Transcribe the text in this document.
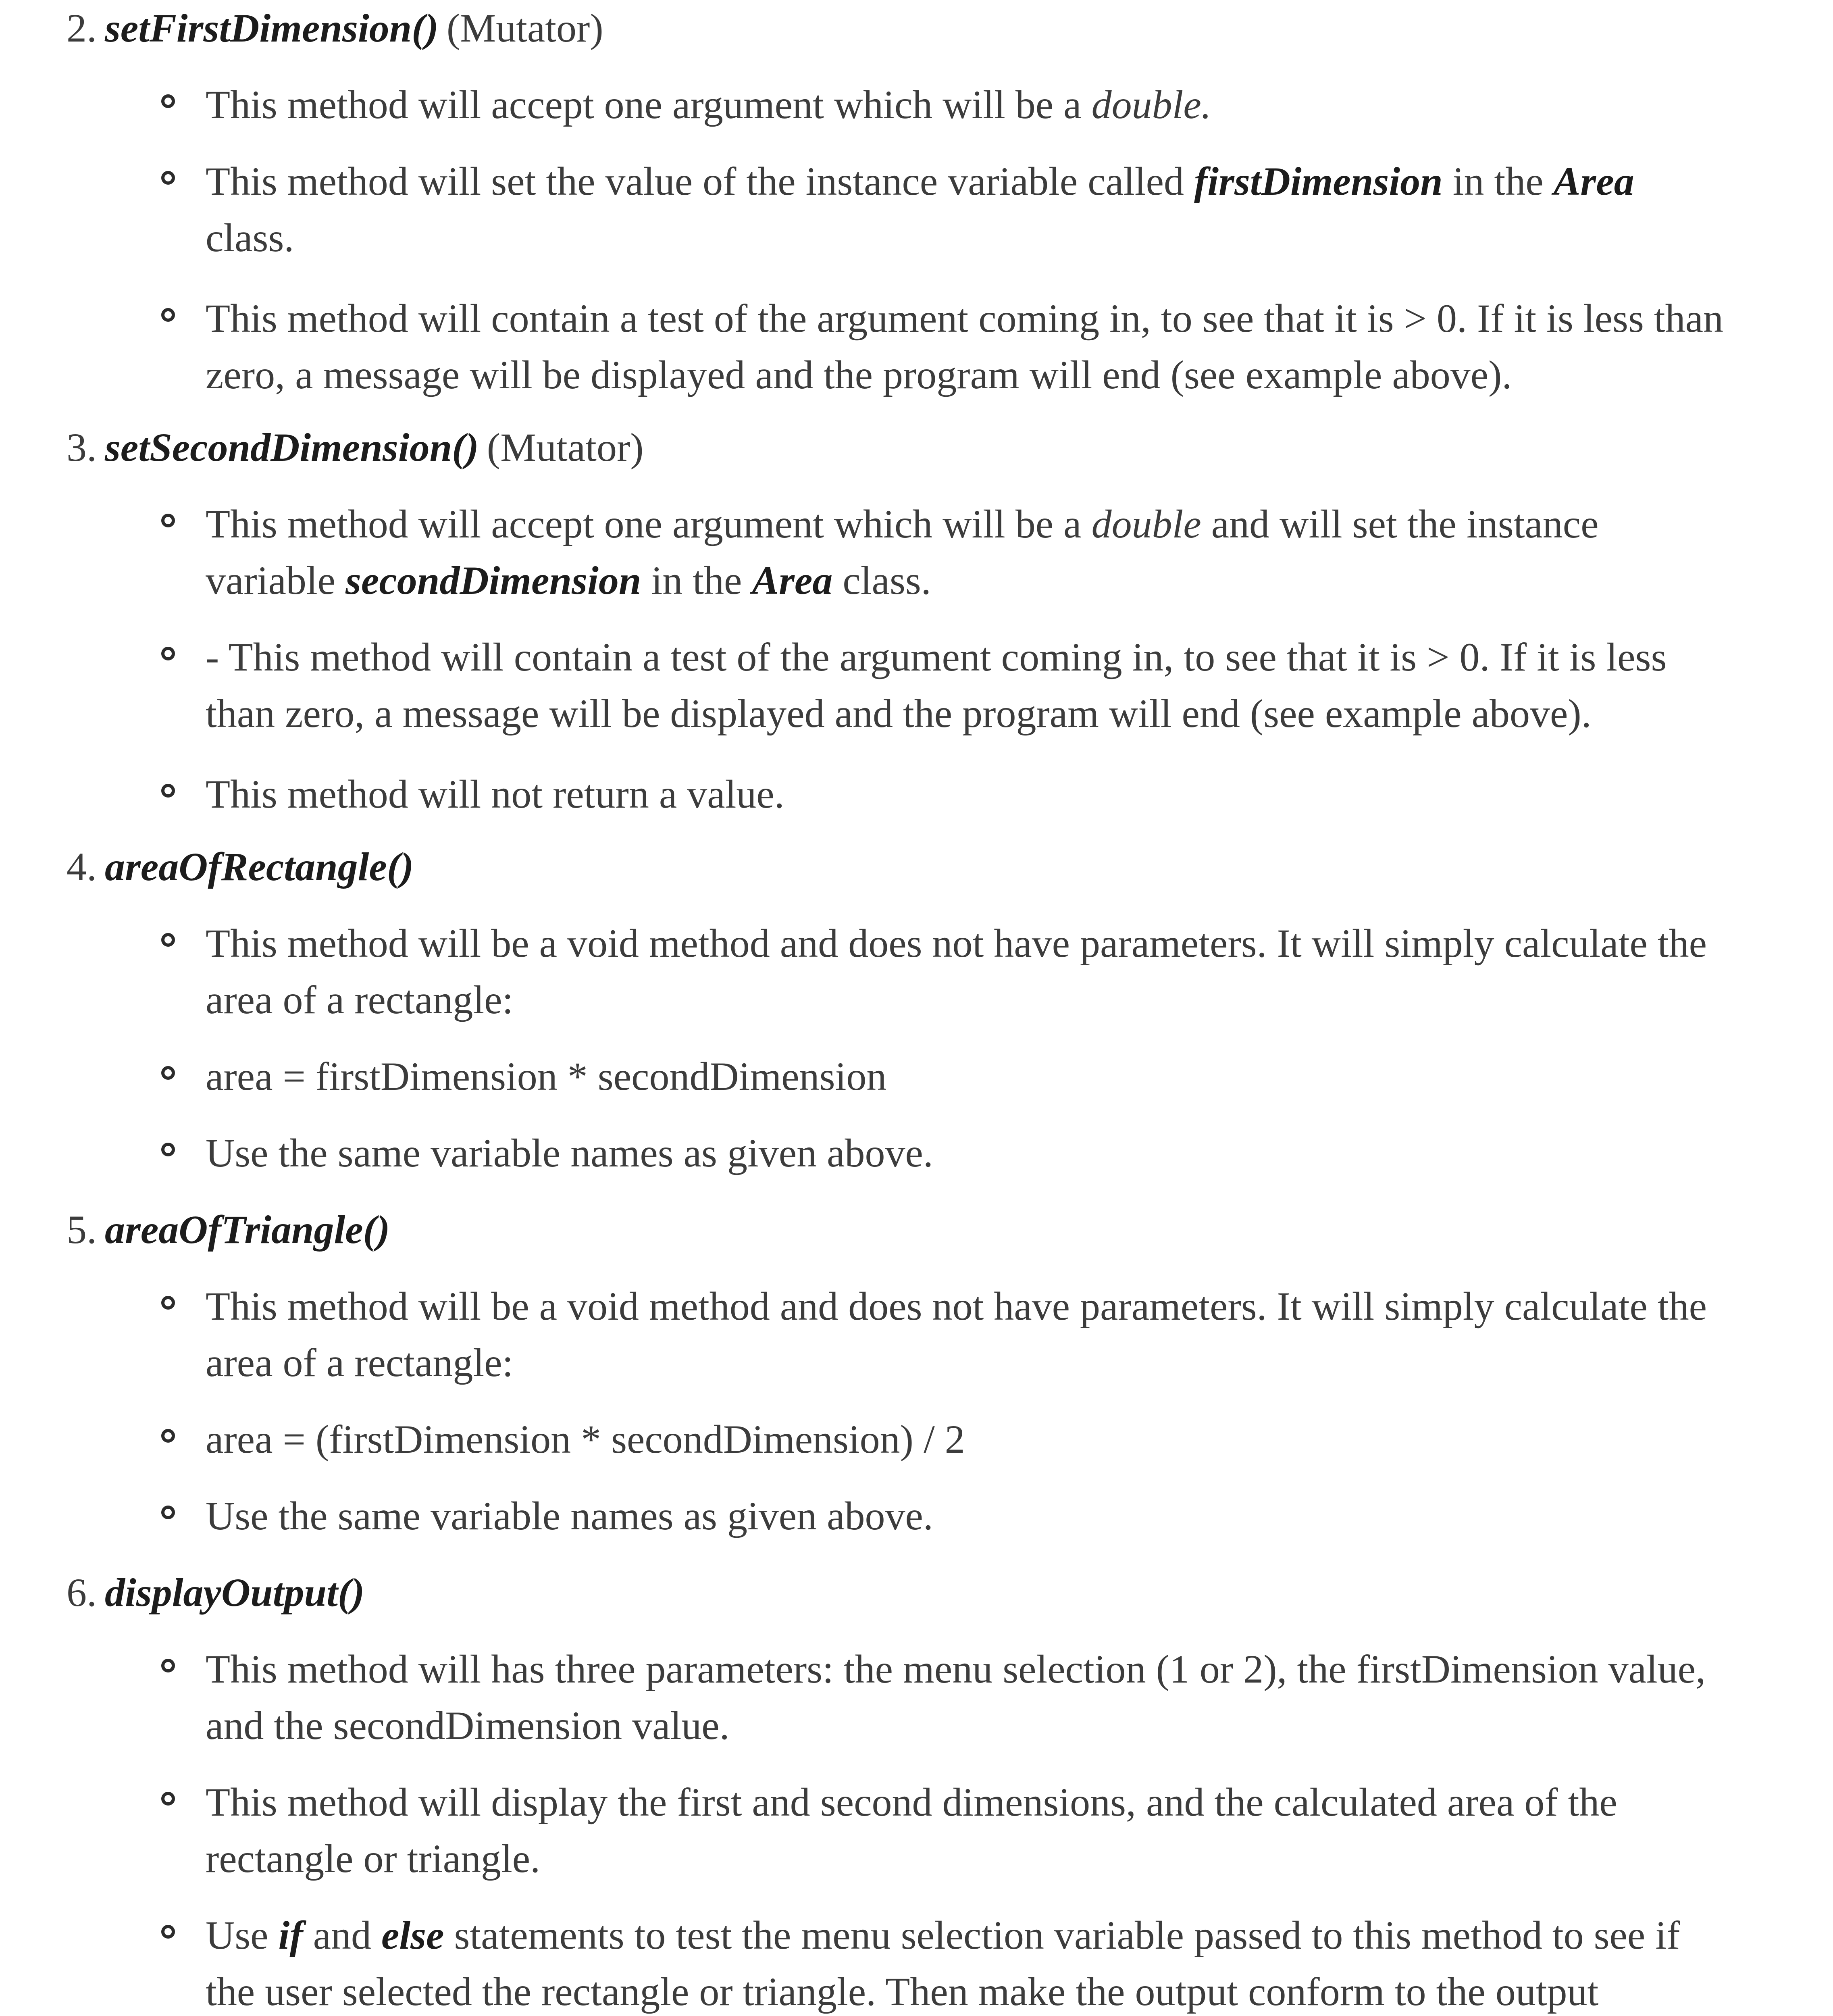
2 . setFirstDimension() (Mutator)
This method will accept one argument which will be a double.
This method will set the value of the instance variable called firstDimension in the Area class.
This method will contain a test of the argument coming in, to see that it is > 0. If it is less than zero, a message will be displayed and the program will end (see example above).
3 . setSecondDimension() (Mutator)
This method will accept one argument which will be a double and will set the instance variable secondDimension in the Area class.
- This method will contain a test of the argument coming in, to see that it is > 0. If it is less than zero, a message will be displayed and the program will end (see example above).
This method will not return a value.
4 . areaOfRectangle()
This method will be a void method and does not have parameters. It will simply calculate the area of a rectangle:
area = firstDimension * secondDimension
Use the same variable names as given above.
5 . areaOfTriangle()
This method will be a void method and does not have parameters. It will simply calculate the area of a rectangle:
area = (firstDimension * secondDimension) / 2
Use the same variable names as given above.
6 . displayOutput()
This method will has three parameters: the menu selection (1 or 2), the firstDimension value, and the secondDimension value.
This method will display the first and second dimensions, and the calculated area of the rectangle or triangle.
Use if and else statements to test the menu selection variable passed to this method to see if the user selected the rectangle or triangle. Then make the output conform to the output
